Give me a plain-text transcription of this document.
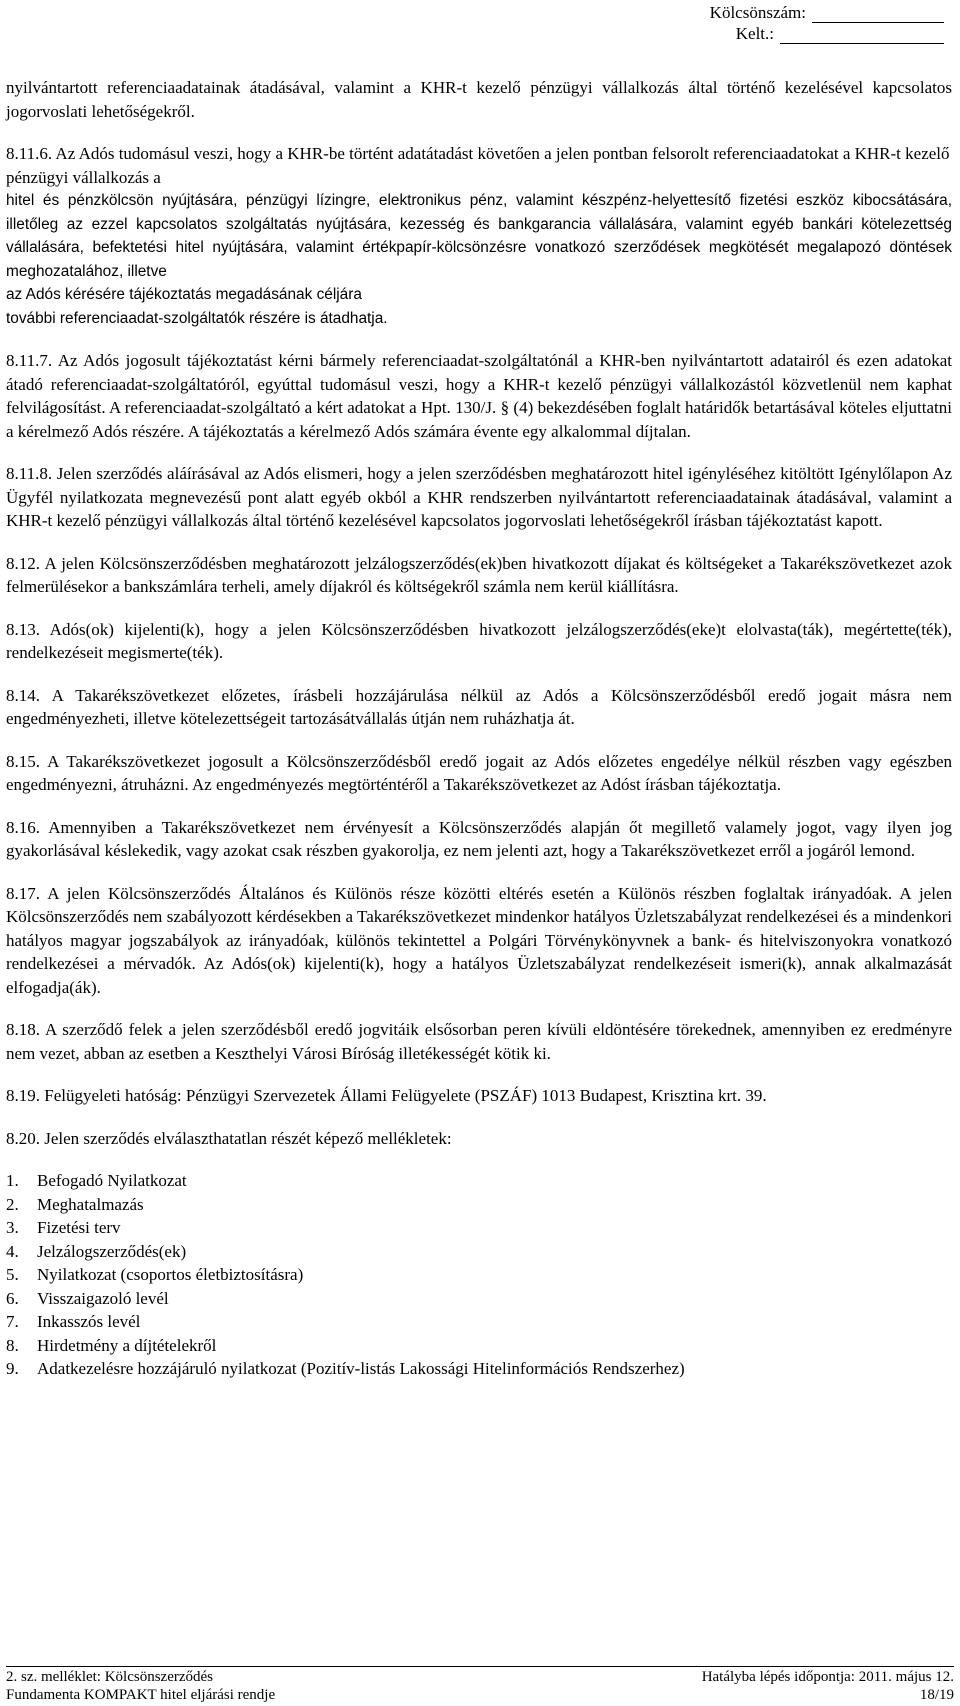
Kölcsönszám:
Kelt.:

nyilvántartott referenciaadatainak átadásával, valamint a KHR-t kezelő pénzügyi vállalkozás által történő kezelésével kapcsolatos jogorvoslati lehetőségekről.

8.11.6. Az Adós tudomásul veszi, hogy a KHR-be történt adatátadást követően a jelen pontban felsorolt referenciaadatokat a KHR-t kezelő pénzügyi vállalkozás a

hitel és pénzkölcsön nyújtására, pénzügyi lízingre, elektronikus pénz, valamint készpénz-helyettesítő fizetési eszköz kibocsátására, illetőleg az ezzel kapcsolatos szolgáltatás nyújtására, kezesség és bankgarancia vállalására, valamint egyéb bankári kötelezettség vállalására, befektetési hitel nyújtására, valamint értékpapír-kölcsönzésre vonatkozó szerződések megkötését megalapozó döntések meghozatalához, illetve

az Adós kérésére tájékoztatás megadásának céljára

további referenciaadat-szolgáltatók részére is átadhatja.

8.11.7. Az Adós jogosult tájékoztatást kérni bármely referenciaadat-szolgáltatónál a KHR-ben nyilvántartott adatairól és ezen adatokat átadó referenciaadat-szolgáltatóról, egyúttal tudomásul veszi, hogy a KHR-t kezelő pénzügyi vállalkozástól közvetlenül nem kaphat felvilágosítást. A referenciaadat-szolgáltató a kért adatokat a Hpt. 130/J. § (4) bekezdésében foglalt határidők betartásával köteles eljuttatni a kérelmező Adós részére. A tájékoztatás a kérelmező Adós számára évente egy alkalommal díjtalan.

8.11.8. Jelen szerződés aláírásával az Adós elismeri, hogy a jelen szerződésben meghatározott hitel igényléséhez kitöltött Igénylőlapon Az Ügyfél nyilatkozata megnevezésű pont alatt egyéb okból a KHR rendszerben nyilvántartott referenciaadatainak átadásával, valamint a KHR-t kezelő pénzügyi vállalkozás által történő kezelésével kapcsolatos jogorvoslati lehetőségekről írásban tájékoztatást kapott.

8.12. A jelen Kölcsönszerződésben meghatározott jelzálogszerződés(ek)ben hivatkozott díjakat és költségeket a Takarékszövetkezet azok felmerülésekor a bankszámlára terheli, amely díjakról és költségekről számla nem kerül kiállításra.

8.13. Adós(ok) kijelenti(k), hogy a jelen Kölcsönszerződésben hivatkozott jelzálogszerződés(eke)t elolvasta(ták), megértette(ték), rendelkezéseit megismerte(ték).

8.14. A Takarékszövetkezet előzetes, írásbeli hozzájárulása nélkül az Adós a Kölcsönszerződésből eredő jogait másra nem engedményezheti, illetve kötelezettségeit tartozásátvállalás útján nem ruházhatja át.

8.15. A Takarékszövetkezet jogosult a Kölcsönszerződésből eredő jogait az Adós előzetes engedélye nélkül részben vagy egészben engedményezni, átruházni. Az engedményezés megtörténtéről a Takarékszövetkezet az Adóst írásban tájékoztatja.

8.16. Amennyiben a Takarékszövetkezet nem érvényesít a Kölcsönszerződés alapján őt megillető valamely jogot, vagy ilyen jog gyakorlásával késlekedik, vagy azokat csak részben gyakorolja, ez nem jelenti azt, hogy a Takarékszövetkezet erről a jogáról lemond.

8.17. A jelen Kölcsönszerződés Általános és Különös része közötti eltérés esetén a Különös részben foglaltak irányadóak. A jelen Kölcsönszerződés nem szabályozott kérdésekben a Takarékszövetkezet mindenkor hatályos Üzletszabályzat rendelkezései és a mindenkori hatályos magyar jogszabályok az irányadóak, különös tekintettel a Polgári Törvénykönyvnek a bank- és hitelviszonyokra vonatkozó rendelkezései a mérvadók. Az Adós(ok) kijelenti(k), hogy a hatályos Üzletszabályzat rendelkezéseit ismeri(k), annak alkalmazását elfogadja(ák).

8.18. A szerződő felek a jelen szerződésből eredő jogvitáik elsősorban peren kívüli eldöntésére törekednek, amennyiben ez eredményre nem vezet, abban az esetben a Keszthelyi Városi Bíróság illetékességét kötik ki.

8.19. Felügyeleti hatóság: Pénzügyi Szervezetek Állami Felügyelete (PSZÁF) 1013 Budapest, Krisztina krt. 39.

8.20. Jelen szerződés elválaszthatatlan részét képező mellékletek:

1.	Befogadó Nyilatkozat
2.	Meghatalmazás
3.	Fizetési terv
4.	Jelzálogszerződés(ek)
5.	Nyilatkozat (csoportos életbiztosításra)
6.	Visszaigazoló levél
7.	Inkasszós levél
8.	Hirdetmény a díjtételekről
9.	Adatkezelésre hozzájáruló nyilatkozat (Pozitív-listás Lakossági Hitelinformációs Rendszerhez)
2. sz. melléklet: Kölcsönszerződés	Hatályba lépés időpontja: 2011. május 12.
Fundamenta KOMPAKT hitel eljárási rendje	18/19
